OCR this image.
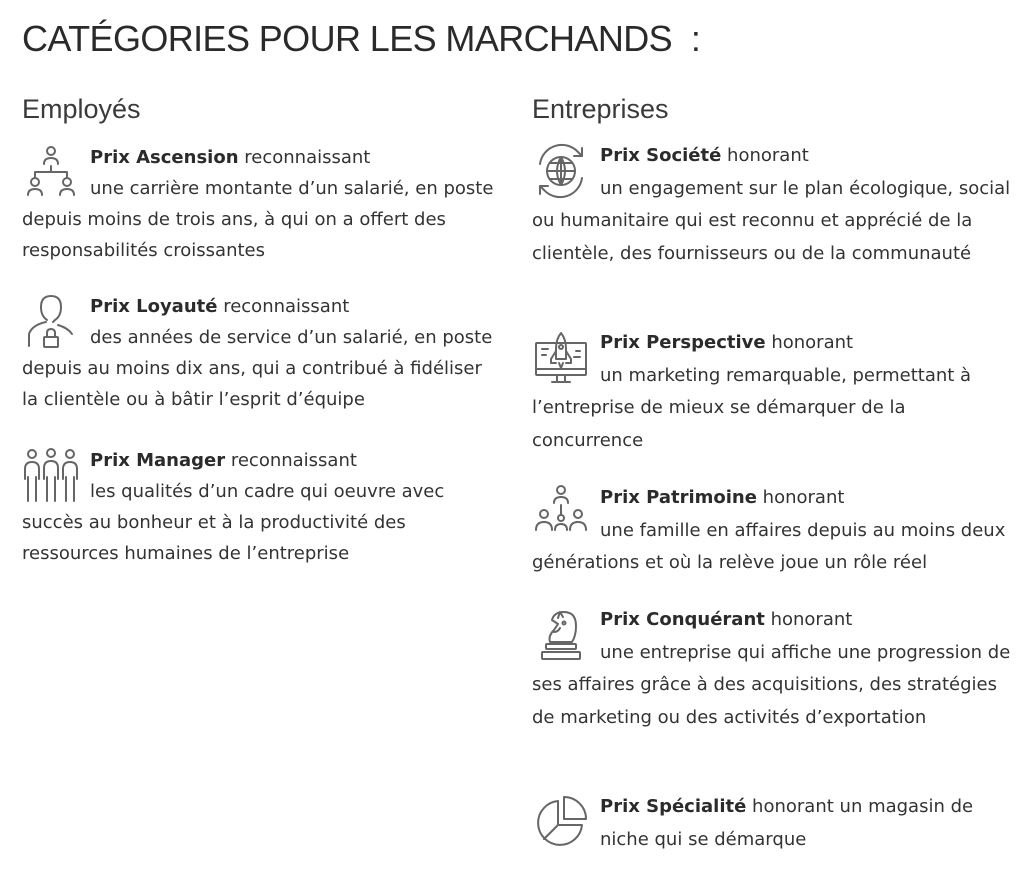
CATÉGORIES POUR LES MARCHANDS  :
Employés
Prix Ascension reconnaissant
une carrière montante d’un salarié, en poste depuis moins de trois ans, à qui on a offert des responsabilités croissantes
Prix Loyauté reconnaissant
des années de service d’un salarié, en poste depuis au moins dix ans, qui a contribué à fidéliser la clientèle ou à bâtir l’esprit d’équipe
Prix Manager reconnaissant
les qualités d’un cadre qui oeuvre avec succès au bonheur et à la productivité des ressources humaines de l’entreprise
Entreprises
Prix Société honorant
un engagement sur le plan écologique, social ou humanitaire qui est reconnu et apprécié de la clientèle, des fournisseurs ou de la communauté
Prix Perspective honorant
un marketing remarquable, permettant à l’entreprise de mieux se démarquer de la concurrence
Prix Patrimoine honorant
une famille en affaires depuis au moins deux générations et où la relève joue un rôle réel
Prix Conquérant honorant
une entreprise qui affiche une progression de ses affaires grâce à des acquisitions, des stratégies de marketing ou des activités d’exportation
Prix Spécialité honorant un magasin de niche qui se démarque
